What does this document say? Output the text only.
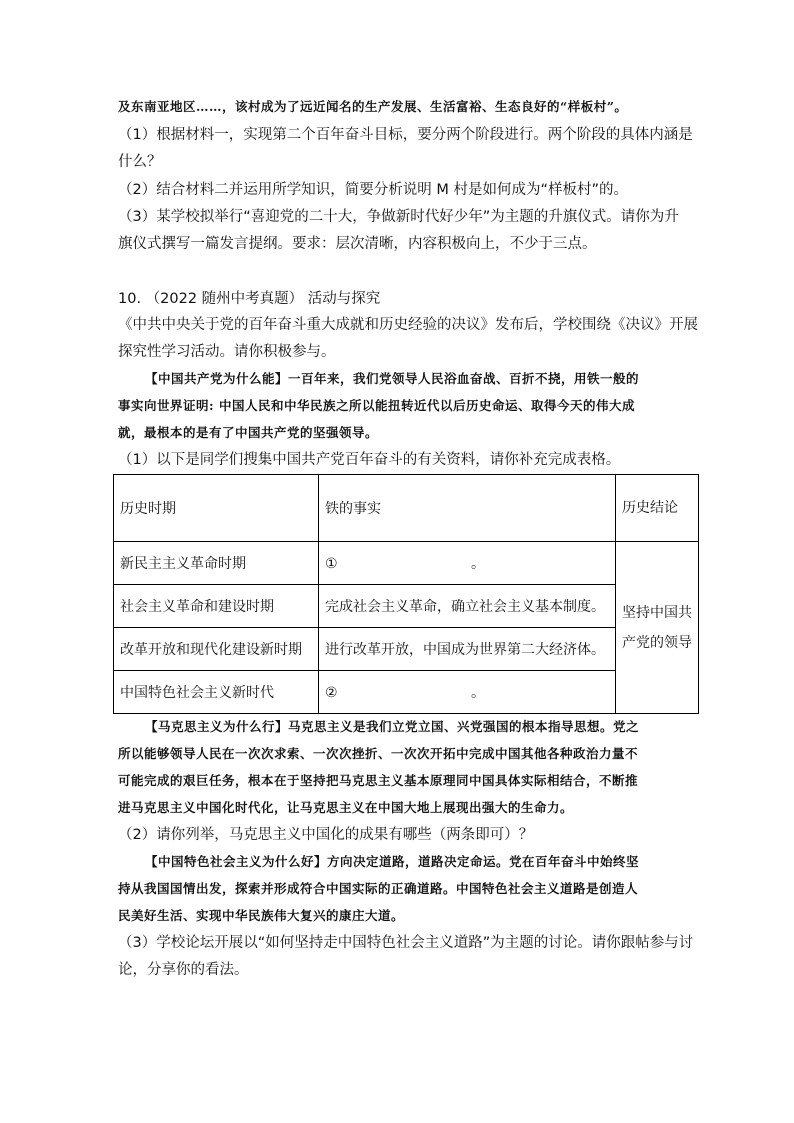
及东南亚地区……，该村成为了远近闻名的生产发展、生活富裕、生态良好的“样板村”。
（1）根据材料一，实现第二个百年奋斗目标，要分两个阶段进行。两个阶段的具体内涵是
什么？
（2）结合材料二并运用所学知识，简要分析说明 M 村是如何成为“样板村”的。
（3）某学校拟举行“喜迎党的二十大，争做新时代好少年”为主题的升旗仪式。请你为升
旗仪式撰写一篇发言提纲。要求：层次清晰，内容积极向上，不少于三点。
10. （2022 随州中考真题） 活动与探究
《中共中央关于党的百年奋斗重大成就和历史经验的决议》发布后，学校围绕《决议》开展
探究性学习活动。请你积极参与。
【中国共产党为什么能】一百年来，我们党领导人民浴血奋战、百折不挠，用铁一般的
事实向世界证明: 中国人民和中华民族之所以能扭转近代以后历史命运、取得今天的伟大成
就，最根本的是有了中国共产党的坚强领导。
（1）以下是同学们搜集中国共产党百年奋斗的有关资料，请你补充完成表格。
历史时期	铁的事实	历史结论
新民主主义革命时期	①                              。	坚持中国共产党的领导
社会主义革命和建设时期	完成社会主义革命，确立社会主义基本制度。	
改革开放和现代化建设新时期	进行改革开放，中国成为世界第二大经济体。	
中国特色社会主义新时代	②                              。	
【马克思主义为什么行】马克思主义是我们立党立国、兴党强国的根本指导思想。党之
所以能够领导人民在一次次求索、一次次挫折、一次次开拓中完成中国其他各种政治力量不
可能完成的艰巨任务，根本在于坚持把马克思主义基本原理同中国具体实际相结合，不断推
进马克思主义中国化时代化，让马克思主义在中国大地上展现出强大的生命力。
（2）请你列举，马克思主义中国化的成果有哪些（两条即可）？
【中国特色社会主义为什么好】方向决定道路，道路决定命运。党在百年奋斗中始终坚
持从我国国情出发，探索并形成符合中国实际的正确道路。中国特色社会主义道路是创造人
民美好生活、实现中华民族伟大复兴的康庄大道。
（3）学校论坛开展以“如何坚持走中国特色社会主义道路”为主题的讨论。请你跟帖参与讨
论，分享你的看法。
